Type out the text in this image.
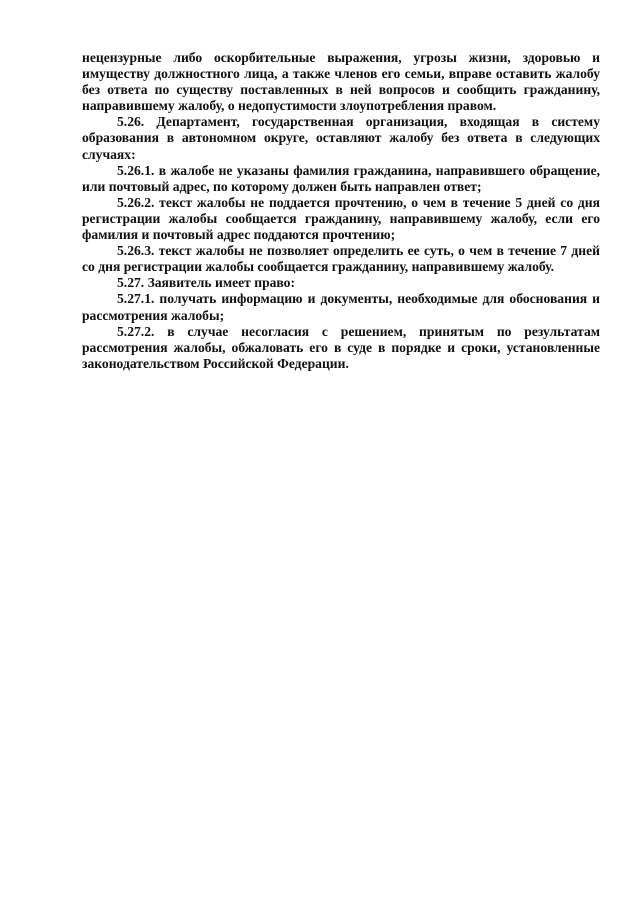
нецензурные либо оскорбительные выражения, угрозы жизни, здоровью и имуществу должностного лица, а также членов его семьи, вправе оставить жалобу без ответа по существу поставленных в ней вопросов и сообщить гражданину, направившему жалобу, о недопустимости злоупотребления правом.

5.26. Департамент, государственная организация, входящая в систему образования в автономном округе, оставляют жалобу без ответа в следующих случаях:

5.26.1. в жалобе не указаны фамилия гражданина, направившего обращение, или почтовый адрес, по которому должен быть направлен ответ;

5.26.2. текст жалобы не поддается прочтению, о чем в течение 5 дней со дня регистрации жалобы сообщается гражданину, направившему жалобу, если его фамилия и почтовый адрес поддаются прочтению;

5.26.3. текст жалобы не позволяет определить ее суть, о чем в течение 7 дней со дня регистрации жалобы сообщается гражданину, направившему жалобу.

5.27. Заявитель имеет право:

5.27.1. получать информацию и документы, необходимые для обоснования и рассмотрения жалобы;

5.27.2. в случае несогласия с решением, принятым по результатам рассмотрения жалобы, обжаловать его в суде в порядке и сроки, установленные законодательством Российской Федерации.
